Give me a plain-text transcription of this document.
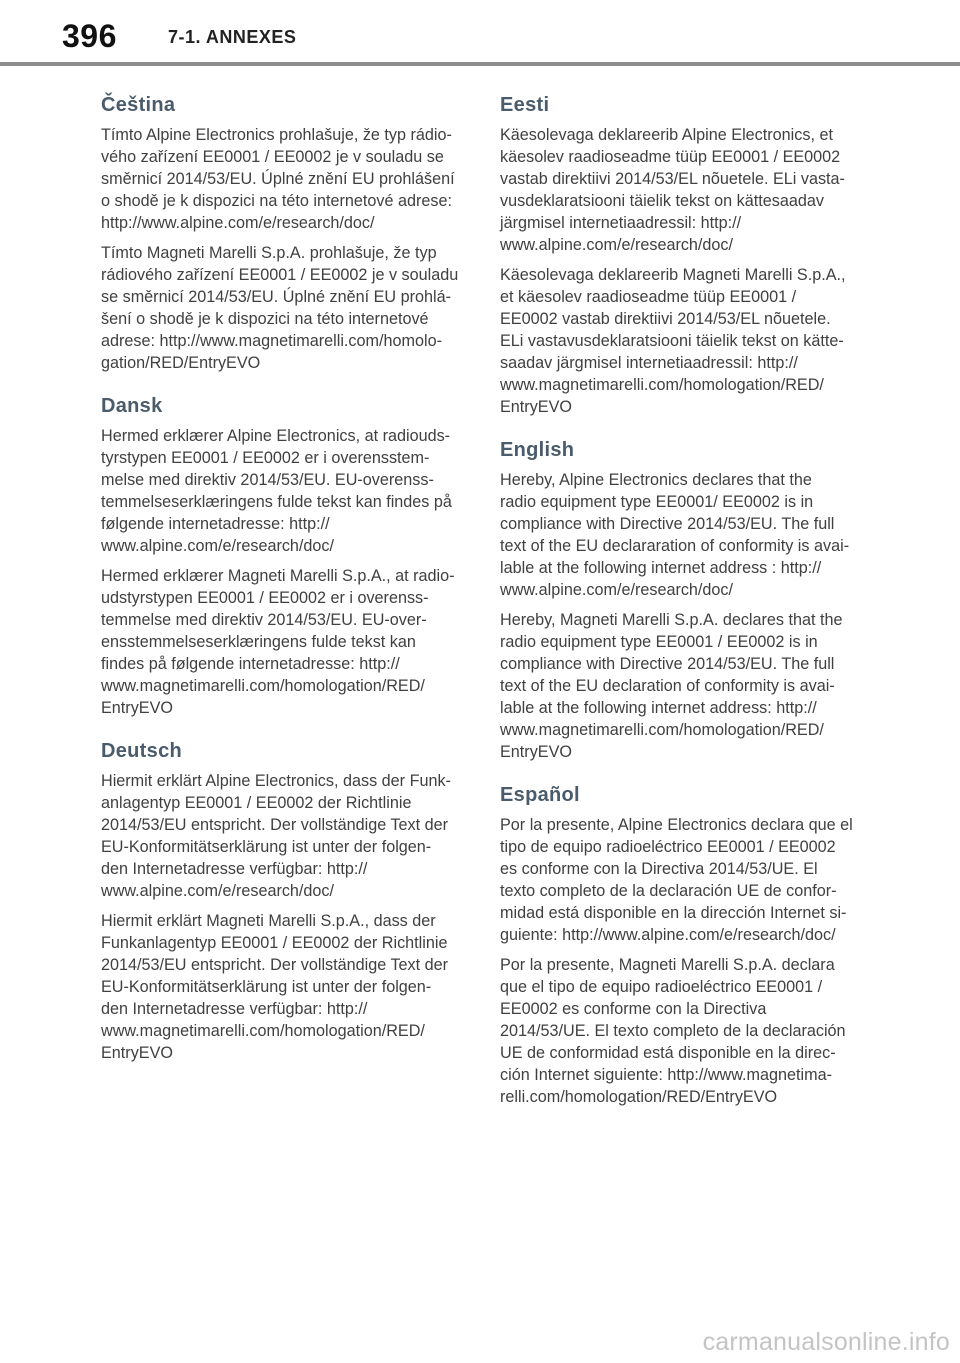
396	7-1. ANNEXES
Čeština

Tímto Alpine Electronics prohlašuje, že typ rádio-
vého zařízení EE0001 / EE0002 je v souladu se
směrnicí 2014/53/EU. Úplné znění EU prohlášení
o shodě je k dispozici na této internetové adrese:
http://www.alpine.com/e/research/doc/

Tímto Magneti Marelli S.p.A. prohlašuje, že typ
rádiového zařízení EE0001 / EE0002 je v souladu
se směrnicí 2014/53/EU. Úplné znění EU prohlá-
šení o shodě je k dispozici na této internetové
adrese: http://www.magnetimarelli.com/homolo-
gation/RED/EntryEVO

Dansk

Hermed erklærer Alpine Electronics, at radiouds-
tyrstypen EE0001 / EE0002 er i overensstem-
melse med direktiv 2014/53/EU. EU-overenss-
temmelseserklæringens fulde tekst kan findes på
følgende internetadresse: http://
www.alpine.com/e/research/doc/

Hermed erklærer Magneti Marelli S.p.A., at radio-
udstyrstypen EE0001 / EE0002 er i overenss-
temmelse med direktiv 2014/53/EU. EU-over-
ensstemmelseserklæringens fulde tekst kan
findes på følgende internetadresse: http://
www.magnetimarelli.com/homologation/RED/
EntryEVO

Deutsch

Hiermit erklärt Alpine Electronics, dass der Funk-
anlagentyp EE0001 / EE0002 der Richtlinie
2014/53/EU entspricht. Der vollständige Text der
EU-Konformitätserklärung ist unter der folgen-
den Internetadresse verfügbar: http://
www.alpine.com/e/research/doc/

Hiermit erklärt Magneti Marelli S.p.A., dass der
Funkanlagentyp EE0001 / EE0002 der Richtlinie
2014/53/EU entspricht. Der vollständige Text der
EU-Konformitätserklärung ist unter der folgen-
den Internetadresse verfügbar: http://
www.magnetimarelli.com/homologation/RED/
EntryEVO

Eesti

Käesolevaga deklareerib Alpine Electronics, et
käesolev raadioseadme tüüp EE0001 / EE0002
vastab direktiivi 2014/53/EL nõuetele. ELi vasta-
vusdeklaratsiooni täielik tekst on kättesaadav
järgmisel internetiaadressil: http://
www.alpine.com/e/research/doc/

Käesolevaga deklareerib Magneti Marelli S.p.A.,
et käesolev raadioseadme tüüp EE0001 /
EE0002 vastab direktiivi 2014/53/EL nõuetele.
ELi vastavusdeklaratsiooni täielik tekst on kätte-
saadav järgmisel internetiaadressil: http://
www.magnetimarelli.com/homologation/RED/
EntryEVO

English

Hereby, Alpine Electronics declares that the
radio equipment type EE0001/ EE0002 is in
compliance with Directive 2014/53/EU. The full
text of the EU declararation of conformity is avai-
lable at the following internet address : http://
www.alpine.com/e/research/doc/

Hereby, Magneti Marelli S.p.A. declares that the
radio equipment type EE0001 / EE0002 is in
compliance with Directive 2014/53/EU. The full
text of the EU declaration of conformity is avai-
lable at the following internet address: http://
www.magnetimarelli.com/homologation/RED/
EntryEVO

Español

Por la presente, Alpine Electronics declara que el
tipo de equipo radioeléctrico EE0001 / EE0002
es conforme con la Directiva 2014/53/UE. El
texto completo de la declaración UE de confor-
midad está disponible en la dirección Internet si-
guiente: http://www.alpine.com/e/research/doc/

Por la presente, Magneti Marelli S.p.A. declara
que el tipo de equipo radioeléctrico EE0001 /
EE0002 es conforme con la Directiva
2014/53/UE. El texto completo de la declaración
UE de conformidad está disponible en la direc-
ción Internet siguiente: http://www.magnetima-
relli.com/homologation/RED/EntryEVO

carmanualsonline.info
